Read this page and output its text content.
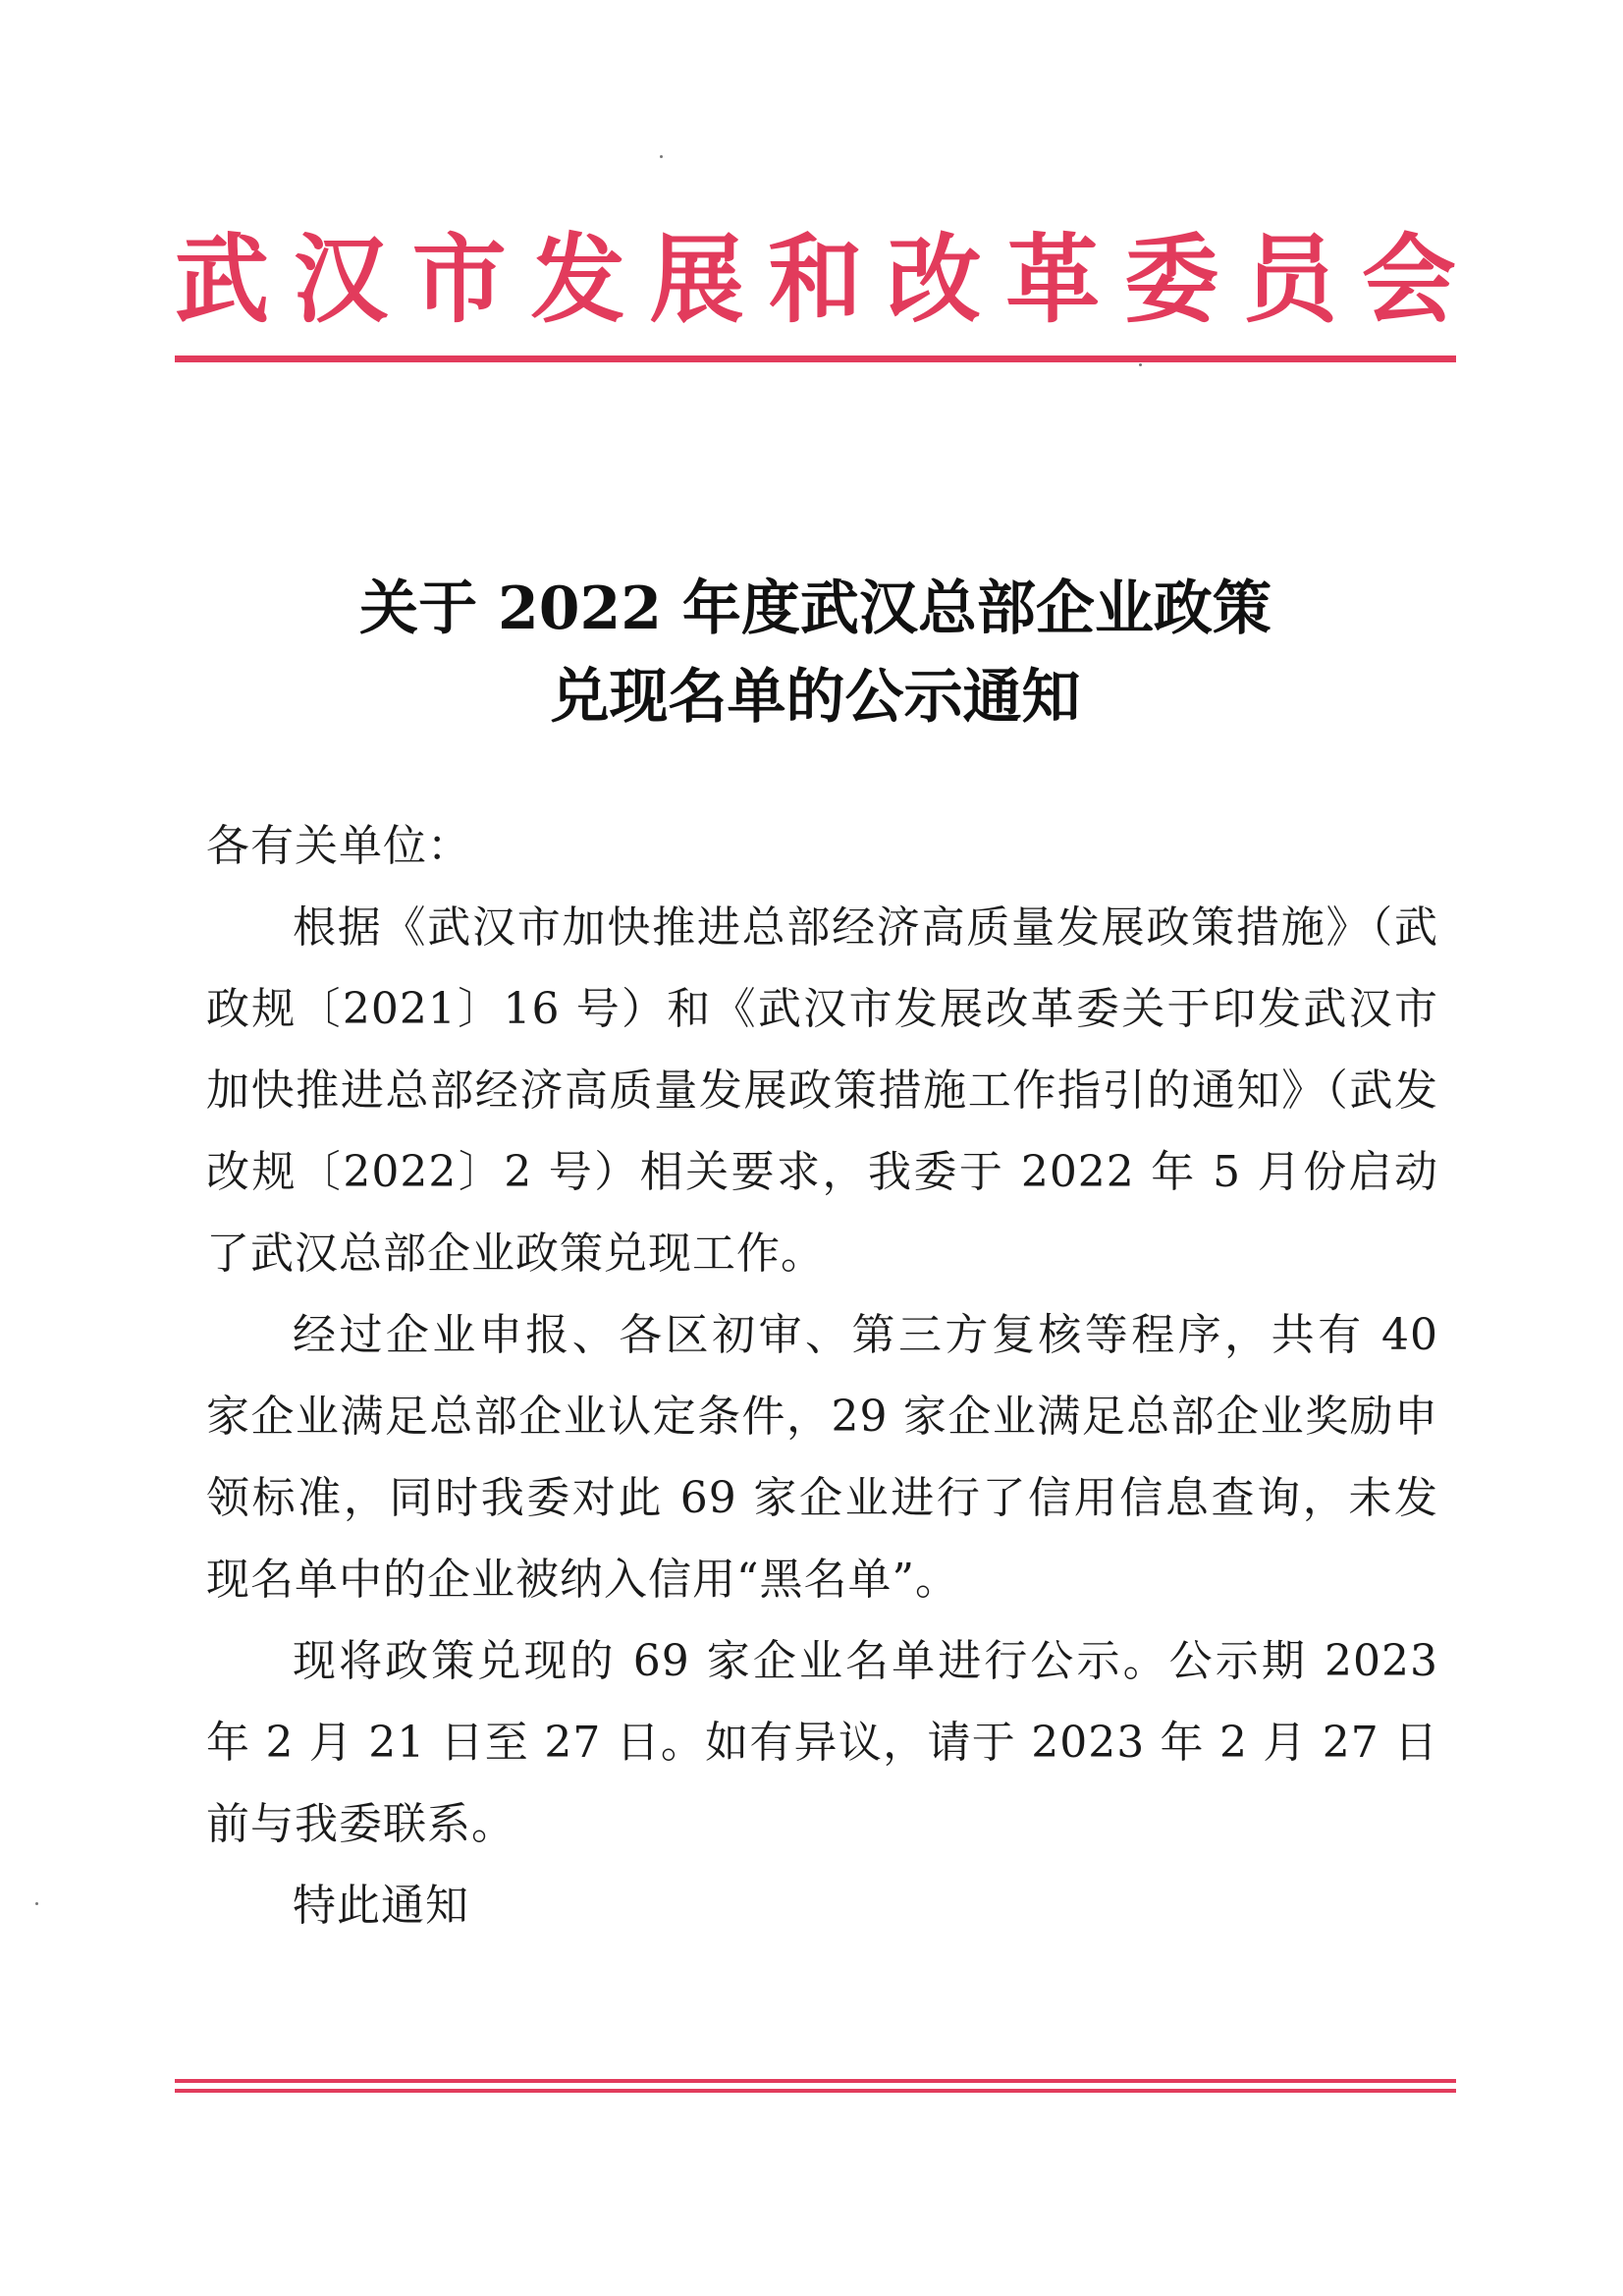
武 汉 市 发 展 和 改 革 委 员 会
关于 2022 年度武汉总部企业政策
兑现名单的公示通知

各有关单位：

根据《武汉市加快推进总部经济高质量发展政策措施》（武政规〔2021〕16 号）和《武汉市发展改革委关于印发武汉市加快推进总部经济高质量发展政策措施工作指引的通知》（武发改规〔2022〕2 号）相关要求，我委于 2022 年 5 月份启动了武汉总部企业政策兑现工作。

经过企业申报、各区初审、第三方复核等程序，共有 40 家企业满足总部企业认定条件，29 家企业满足总部企业奖励申领标准，同时我委对此 69 家企业进行了信用信息查询，未发现名单中的企业被纳入信用“黑名单”。

现将政策兑现的 69 家企业名单进行公示。公示期 2023 年 2 月 21 日至 27 日。如有异议，请于 2023 年 2 月 27 日前与我委联系。

特此通知
